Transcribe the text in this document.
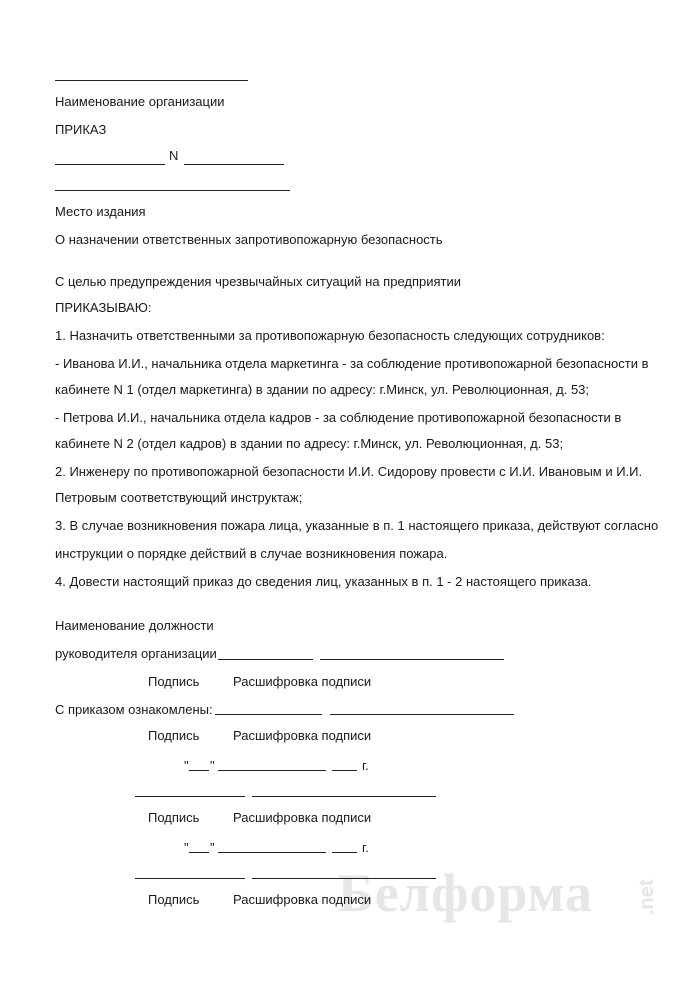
Белформа .net
Наименование организации
ПРИКАЗ
N
Место издания
О назначении ответственных запротивопожарную безопасность
С целью предупреждения чрезвычайных ситуаций на предприятии
ПРИКАЗЫВАЮ:
1. Назначить ответственными за противопожарную безопасность следующих сотрудников:
- Иванова И.И., начальника отдела маркетинга - за соблюдение противопожарной безопасности в
кабинете N 1 (отдел маркетинга) в здании по адресу: г.Минск, ул. Революционная, д. 53;
- Петрова И.И., начальника отдела кадров - за соблюдение противопожарной безопасности в
кабинете N 2 (отдел кадров) в здании по адресу: г.Минск, ул. Революционная, д. 53;
2. Инженеру по противопожарной безопасности И.И. Сидорову провести с И.И. Ивановым и И.И.
Петровым соответствующий инструктаж;
3. В случае возникновения пожара лица, указанные в п. 1 настоящего приказа, действуют согласно
инструкции о порядке действий в случае возникновения пожара.
4. Довести настоящий приказ до сведения лиц, указанных в п. 1 - 2 настоящего приказа.
Наименование должности
руководителя организации
Подпись	Расшифровка подписи
С приказом ознакомлены:
Подпись	Расшифровка подписи
" "	г.
Подпись	Расшифровка подписи
" "	г.
Подпись	Расшифровка подписи
